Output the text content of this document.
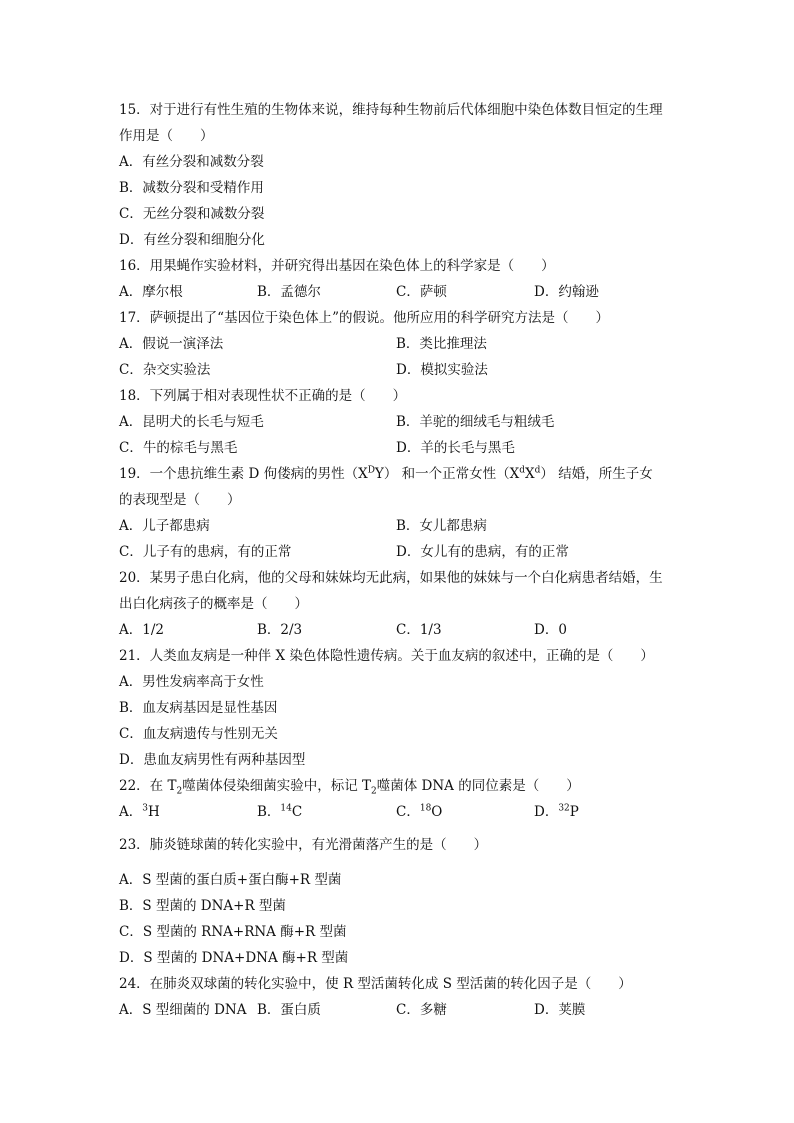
15．对于进行有性生殖的生物体来说，维持每种生物前后代体细胞中染色体数目恒定的生理
作用是（　　）
A．有丝分裂和减数分裂
B．减数分裂和受精作用
C．无丝分裂和减数分裂
D．有丝分裂和细胞分化
16．用果蝇作实验材料，并研究得出基因在染色体上的科学家是（　　）
A．摩尔根	B．孟德尔	C．萨顿	D．约翰逊
17．萨顿提出了“基因位于染色体上”的假说。他所应用的科学研究方法是（　　）
A．假说一演泽法	B．类比推理法
C．杂交实验法	D．模拟实验法
18．下列属于相对表现性状不正确的是（　　）
A．昆明犬的长毛与短毛	B．羊驼的细绒毛与粗绒毛
C．牛的棕毛与黑毛	D．羊的长毛与黑毛
19．一个患抗维生素 D 佝偻病的男性$(X^DY)$ 和一个正常女性$(X^dX^d)$ 结婚，所生子女
的表现型是（　　）
A．儿子都患病	B．女儿都患病
C．儿子有的患病，有的正常	D．女儿有的患病，有的正常
20．某男子患白化病，他的父母和妹妹均无此病，如果他的妹妹与一个白化病患者结婚，生
出白化病孩子的概率是（　　）
A．1/2	B．2/3	C．1/3	D．0
21．人类血友病是一种伴 X 染色体隐性遗传病。关于血友病的叙述中，正确的是（　　）
A．男性发病率高于女性
B．血友病基因是显性基因
C．血友病遗传与性别无关
D．患血友病男性有两种基因型
22．在 $T_2$噬菌体侵染细菌实验中，标记 $T_2$噬菌体 DNA 的同位素是（　　）
A．$^3$H	B．$^{14}$C	C．$^{18}$O	D．$^{32}$P
23．肺炎链球菌的转化实验中，有光滑菌落产生的是（　　）
A．S 型菌的蛋白质+蛋白酶+R 型菌
B．S 型菌的 DNA+R 型菌
C．S 型菌的 RNA+RNA 酶+R 型菌
D．S 型菌的 DNA+DNA 酶+R 型菌
24．在肺炎双球菌的转化实验中，使 R 型活菌转化成 S 型活菌的转化因子是（　　）
A．S 型细菌的 DNA B．蛋白质	C．多糖	D．荚膜
